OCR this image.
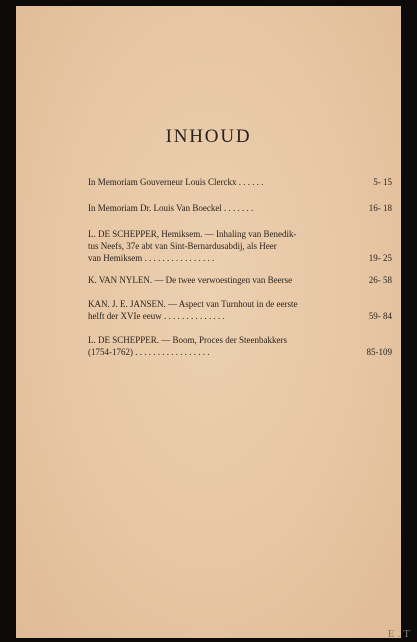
INHOUD
In Memoriam Gouverneur Louis Clerckx . . . . . .	5- 15
In Memoriam Dr. Louis Van Boeckel . . . . . . .	16- 18
L. DE SCHEPPER, Hemiksem. — Inhaling van Benedik-
tus Neefs, 37e abt van Sint-Bernardusabdij, als Heer
van Hemiksem . . . . . . . . . . . . . . . .	19- 25
K. VAN NYLEN. — De twee verwoestingen van Beerse	26- 58
KAN. J. E. JANSEN. — Aspect van Turnhout in de eerste
helft der XVIe eeuw . . . . . . . . . . . . . .	59- 84
L. DE SCHEPPER. — Boom, Proces der Steenbakkers
(1754-1762) . . . . . . . . . . . . . . . . .	85-109
E.T
